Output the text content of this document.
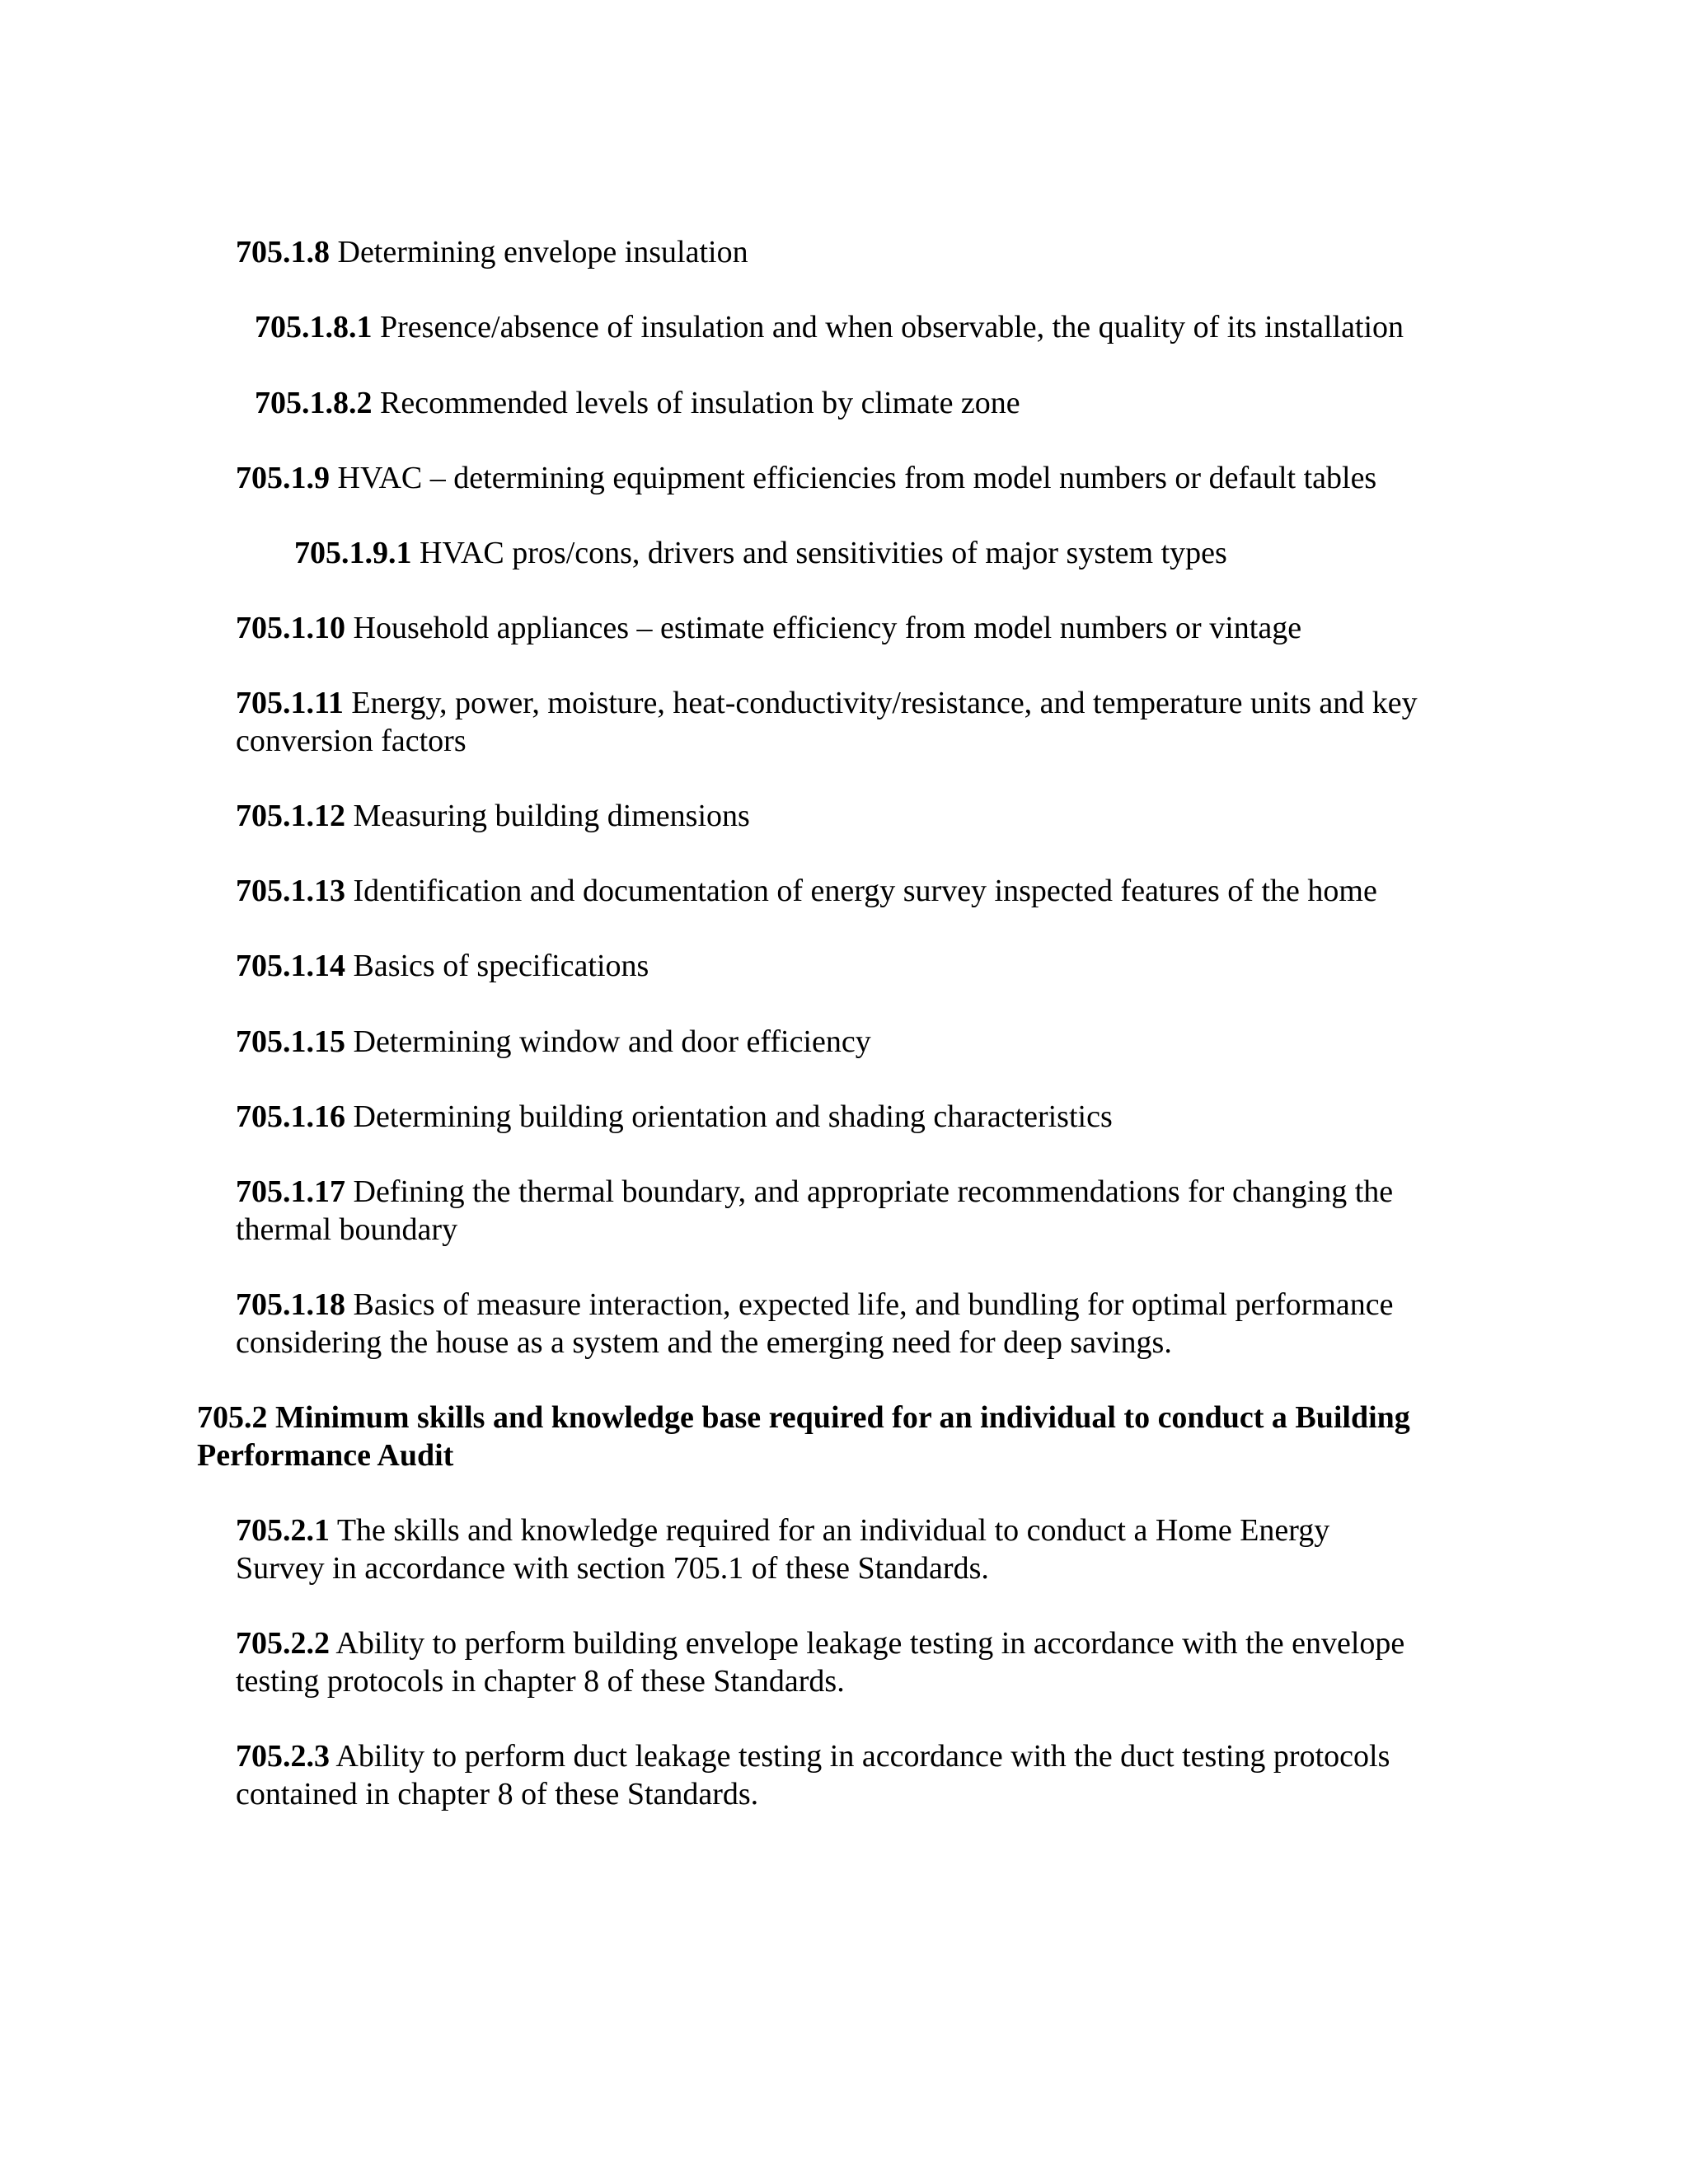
705.1.8 Determining envelope insulation
705.1.8.1 Presence/absence of insulation and when observable, the quality of its installation
705.1.8.2 Recommended levels of insulation by climate zone
705.1.9 HVAC – determining equipment efficiencies from model numbers or default tables
705.1.9.1 HVAC pros/cons, drivers and sensitivities of major system types
705.1.10 Household appliances – estimate efficiency from model numbers or vintage
705.1.11 Energy, power, moisture, heat-conductivity/resistance, and temperature units and key
conversion factors
705.1.12 Measuring building dimensions
705.1.13 Identification and documentation of energy survey inspected features of the home
705.1.14 Basics of specifications
705.1.15 Determining window and door efficiency
705.1.16 Determining building orientation and shading characteristics
705.1.17 Defining the thermal boundary, and appropriate recommendations for changing the
thermal boundary
705.1.18 Basics of measure interaction, expected life, and bundling for optimal performance
considering the house as a system and the emerging need for deep savings.
705.2 Minimum skills and knowledge base required for an individual to conduct a Building
Performance Audit
705.2.1 The skills and knowledge required for an individual to conduct a Home Energy
Survey in accordance with section 705.1 of these Standards.
705.2.2 Ability to perform building envelope leakage testing in accordance with the envelope
testing protocols in chapter 8 of these Standards.
705.2.3 Ability to perform duct leakage testing in accordance with the duct testing protocols
contained in chapter 8 of these Standards.
